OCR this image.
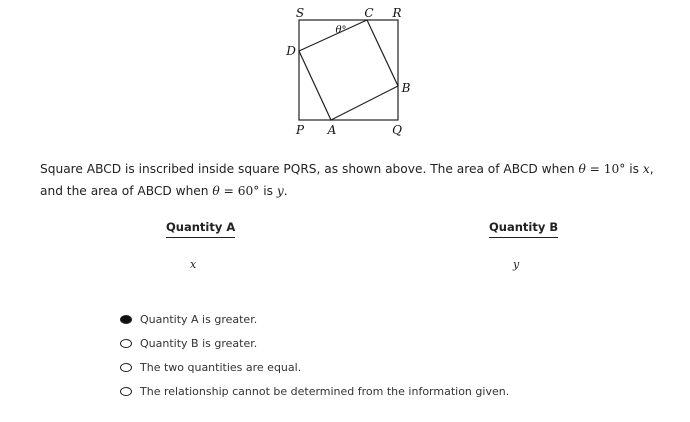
S	C R
D
B
P A	Q
θ°
Square ABCD is inscribed inside square PQRS, as shown above. The area of ABCD when θ = 10° is x, and the area of ABCD when θ = 60° is y.
Quantity A	Quantity B
x	y
Quantity A is greater.
Quantity B is greater.
The two quantities are equal.
The relationship cannot be determined from the information given.
